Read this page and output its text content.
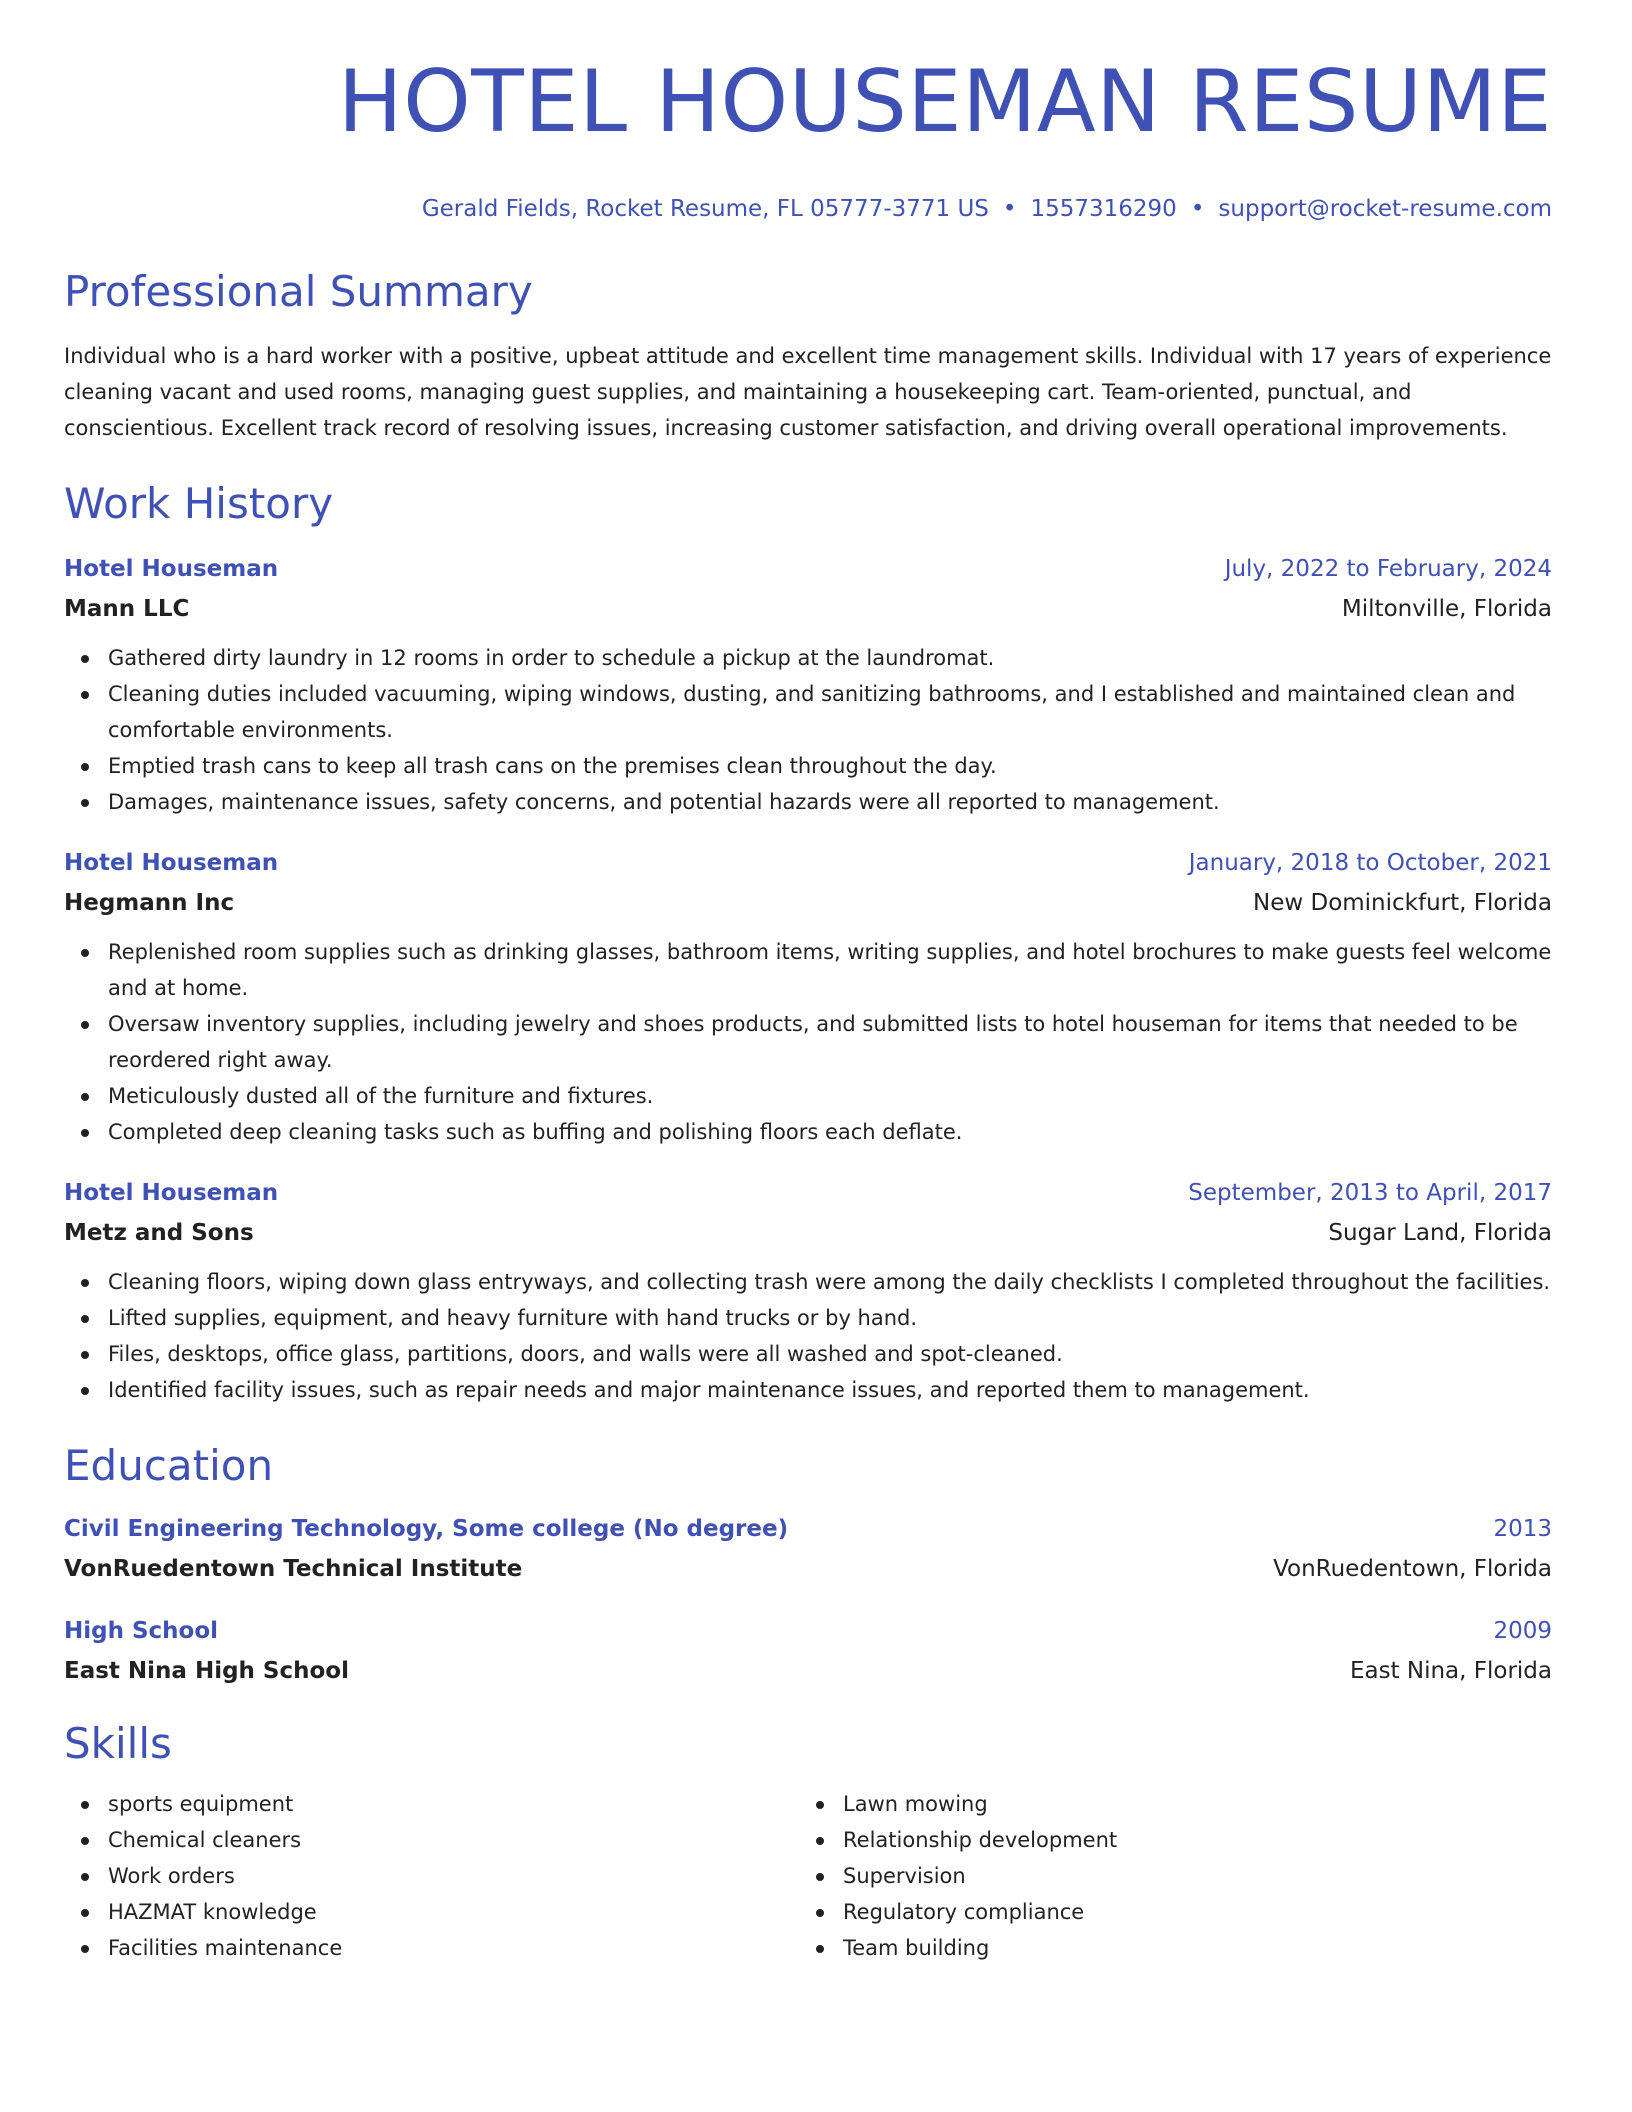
HOTEL HOUSEMAN RESUME
Gerald Fields, Rocket Resume, FL 05777-3771 US • 1557316290 • support@rocket-resume.com
Professional Summary
Individual who is a hard worker with a positive, upbeat attitude and excellent time management skills. Individual with 17 years of experience cleaning vacant and used rooms, managing guest supplies, and maintaining a housekeeping cart. Team-oriented, punctual, and conscientious. Excellent track record of resolving issues, increasing customer satisfaction, and driving overall operational improvements.
Work History
Hotel Houseman	July, 2022 to February, 2024
Mann LLC	Miltonville, Florida
Gathered dirty laundry in 12 rooms in order to schedule a pickup at the laundromat.
Cleaning duties included vacuuming, wiping windows, dusting, and sanitizing bathrooms, and I established and maintained clean and comfortable environments.
Emptied trash cans to keep all trash cans on the premises clean throughout the day.
Damages, maintenance issues, safety concerns, and potential hazards were all reported to management.
Hotel Houseman	January, 2018 to October, 2021
Hegmann Inc	New Dominickfurt, Florida
Replenished room supplies such as drinking glasses, bathroom items, writing supplies, and hotel brochures to make guests feel welcome and at home.
Oversaw inventory supplies, including jewelry and shoes products, and submitted lists to hotel houseman for items that needed to be reordered right away.
Meticulously dusted all of the furniture and fixtures.
Completed deep cleaning tasks such as buffing and polishing floors each deflate.
Hotel Houseman	September, 2013 to April, 2017
Metz and Sons	Sugar Land, Florida
Cleaning floors, wiping down glass entryways, and collecting trash were among the daily checklists I completed throughout the facilities.
Lifted supplies, equipment, and heavy furniture with hand trucks or by hand.
Files, desktops, office glass, partitions, doors, and walls were all washed and spot-cleaned.
Identified facility issues, such as repair needs and major maintenance issues, and reported them to management.
Education
Civil Engineering Technology, Some college (No degree)	2013
VonRuedentown Technical Institute	VonRuedentown, Florida
High School	2009
East Nina High School	East Nina, Florida
Skills
sports equipment
Chemical cleaners
Work orders
HAZMAT knowledge
Facilities maintenance
Lawn mowing
Relationship development
Supervision
Regulatory compliance
Team building
